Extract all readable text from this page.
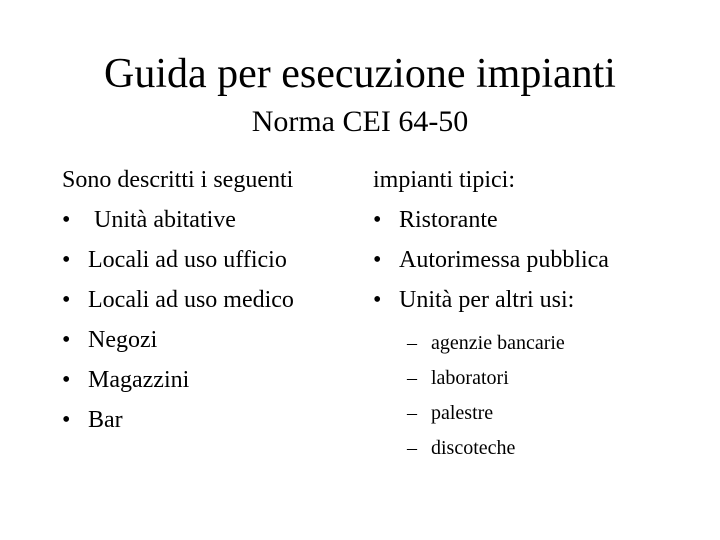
Guida per esecuzione impianti
Norma CEI 64-50
Sono descritti i seguenti
• Unità abitative
• Locali ad uso ufficio
• Locali ad uso medico
• Negozi
• Magazzini
• Bar
impianti tipici:
• Ristorante
• Autorimessa pubblica
• Unità per altri usi:
– agenzie bancarie
– laboratori
– palestre
– discoteche
